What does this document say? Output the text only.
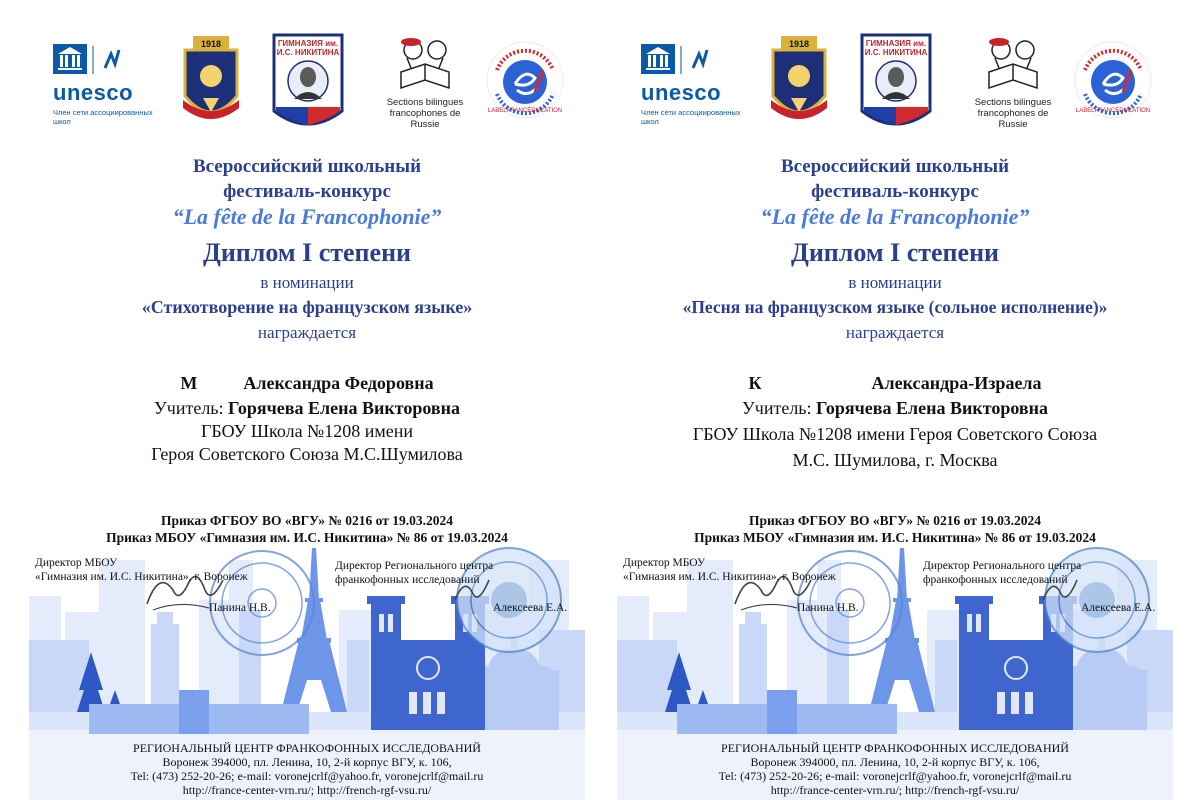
unesco
Член сети ассоциированных школ
1918	ГИМНАЗИЯ им. И.С. НИКИТИНА
Sections bilingues francophones de Russie
LABELFRANCÉDUCATION
Всероссийский школьный
фестиваль-конкурс
“La fête de la Francophonie”
Диплом I степени
в номинации
«Стихотворение на французском языке»
награждается
М	Александра Федоровна
Учитель: Горячева Елена Викторовна
ГБОУ Школа №1208 имени
Героя Советского Союза М.С.Шумилова
Приказ ФГБОУ ВО «ВГУ» № 0216 от 19.03.2024
Приказ МБОУ «Гимназия им. И.С. Никитина» № 86 от 19.03.2024
Директор МБОУ
«Гимназия им. И.С. Никитина», г. Воронеж
Панина Н.В.
Директор Регионального центра
франкофонных исследований
Алексеева Е.А.
РЕГИОНАЛЬНЫЙ ЦЕНТР ФРАНКОФОННЫХ ИССЛЕДОВАНИЙ
Воронеж 394000, пл. Ленина, 10, 2-й корпус ВГУ, к. 106,
Tel: (473) 252-20-26; e-mail: voronejcrlf@yahoo.fr, voronejcrlf@mail.ru
http://france-center-vrn.ru/; http://french-rgf-vsu.ru/
unesco
Член сети ассоциированных школ
1918	ГИМНАЗИЯ им. И.С. НИКИТИНА
Sections bilingues francophones de Russie
LABELFRANCÉDUCATION
Всероссийский школьный
фестиваль-конкурс
“La fête de la Francophonie”
Диплом I степени
в номинации
«Песня на французском языке (сольное исполнение)»
награждается
К	Александра-Израела
Учитель: Горячева Елена Викторовна
ГБОУ Школа №1208 имени Героя Советского Союза
М.С. Шумилова, г. Москва
Приказ ФГБОУ ВО «ВГУ» № 0216 от 19.03.2024
Приказ МБОУ «Гимназия им. И.С. Никитина» № 86 от 19.03.2024
Директор МБОУ
«Гимназия им. И.С. Никитина», г. Воронеж
Панина Н.В.
Директор Регионального центра
франкофонных исследований
Алексеева Е.А.
РЕГИОНАЛЬНЫЙ ЦЕНТР ФРАНКОФОННЫХ ИССЛЕДОВАНИЙ
Воронеж 394000, пл. Ленина, 10, 2-й корпус ВГУ, к. 106,
Tel: (473) 252-20-26; e-mail: voronejcrlf@yahoo.fr, voronejcrlf@mail.ru
http://france-center-vrn.ru/; http://french-rgf-vsu.ru/
